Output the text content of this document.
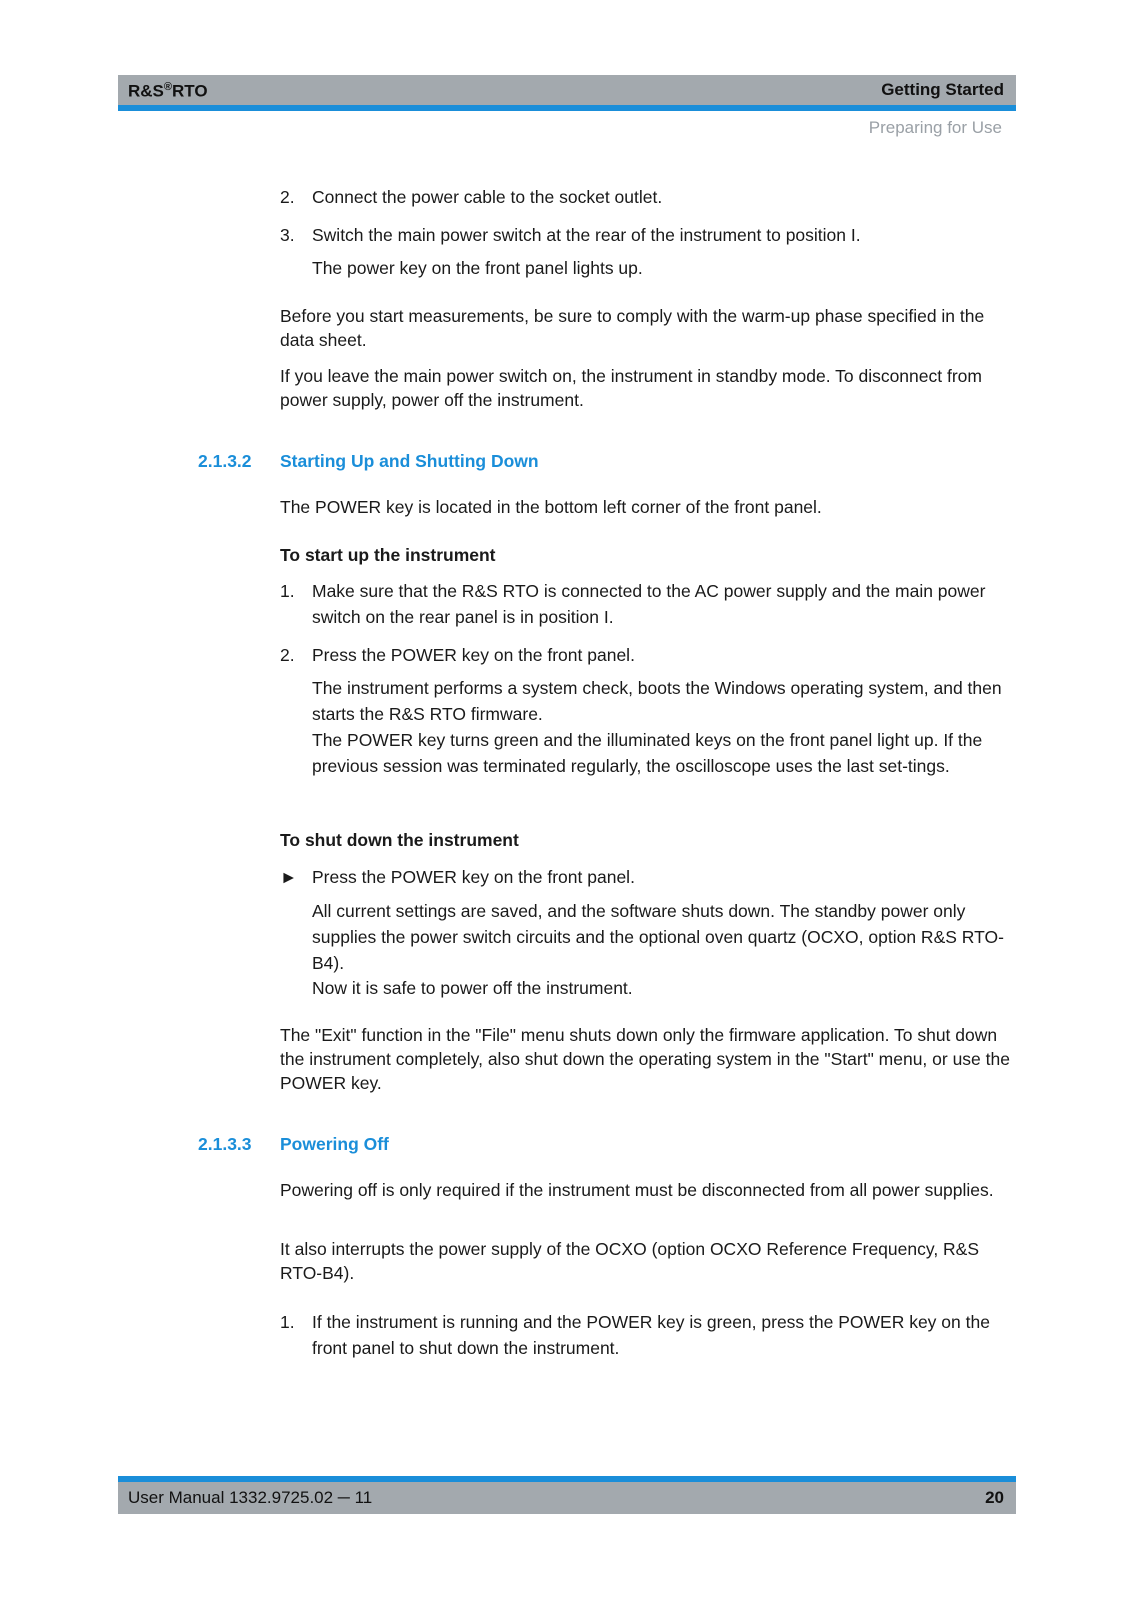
R&S®RTO	Getting Started
Preparing for Use
2. Connect the power cable to the socket outlet.
3. Switch the main power switch at the rear of the instrument to position I.
The power key on the front panel lights up.
Before you start measurements, be sure to comply with the warm-up phase specified in the data sheet.
If you leave the main power switch on, the instrument in standby mode. To disconnect from power supply, power off the instrument.
2.1.3.2 Starting Up and Shutting Down
The POWER key is located in the bottom left corner of the front panel.
To start up the instrument
1. Make sure that the R&S RTO is connected to the AC power supply and the main power switch on the rear panel is in position I.
2. Press the POWER key on the front panel.
The instrument performs a system check, boots the Windows operating system, and then starts the R&S RTO firmware.
The POWER key turns green and the illuminated keys on the front panel light up. If the previous session was terminated regularly, the oscilloscope uses the last set-tings.
To shut down the instrument
► Press the POWER key on the front panel.
All current settings are saved, and the software shuts down. The standby power only supplies the power switch circuits and the optional oven quartz (OCXO, option R&S RTO-B4).
Now it is safe to power off the instrument.
The "Exit" function in the "File" menu shuts down only the firmware application. To shut down the instrument completely, also shut down the operating system in the "Start" menu, or use the POWER key.
2.1.3.3 Powering Off
Powering off is only required if the instrument must be disconnected from all power supplies.
It also interrupts the power supply of the OCXO (option OCXO Reference Frequency, R&S RTO-B4).
1. If the instrument is running and the POWER key is green, press the POWER key on the front panel to shut down the instrument.
User Manual 1332.9725.02 ─ 11	20
